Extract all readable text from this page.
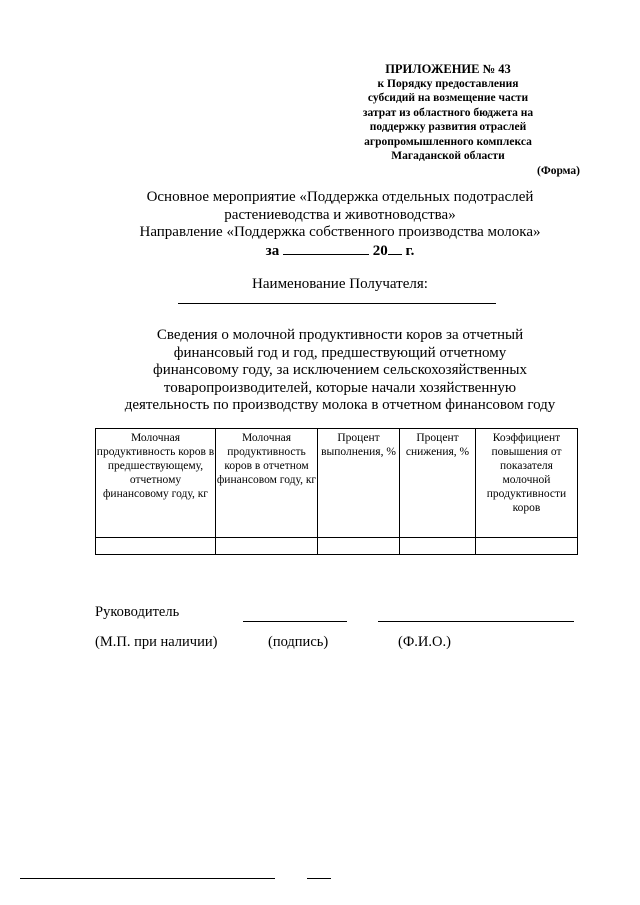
ПРИЛОЖЕНИЕ № 43
к Порядку предоставления
субсидий на возмещение части
затрат из областного бюджета на
поддержку развития отраслей
агропромышленного комплекса
Магаданской области
(Форма)
Основное мероприятие «Поддержка отдельных подотраслей
растениеводства и животноводства»
Направление «Поддержка собственного производства молока»
за	20 г.
Наименование Получателя:
Сведения о молочной продуктивности коров за отчетный
финансовый год и год, предшествующий отчетному
финансовому году, за исключением сельскохозяйственных
товаропроизводителей, которые начали хозяйственную
деятельность по производству молока в отчетном финансовом году
Молочная продуктивность коров в предшествующему, отчетному финансовому году, кг	Молочная продуктивность коров в отчетном финансовом году, кг	Процент выполнения, %	Процент снижения, %	Коэффициент повышения от показателя молочной продуктивности коров

Руководитель
(М.П. при наличии)	(подпись)	(Ф.И.О.)
